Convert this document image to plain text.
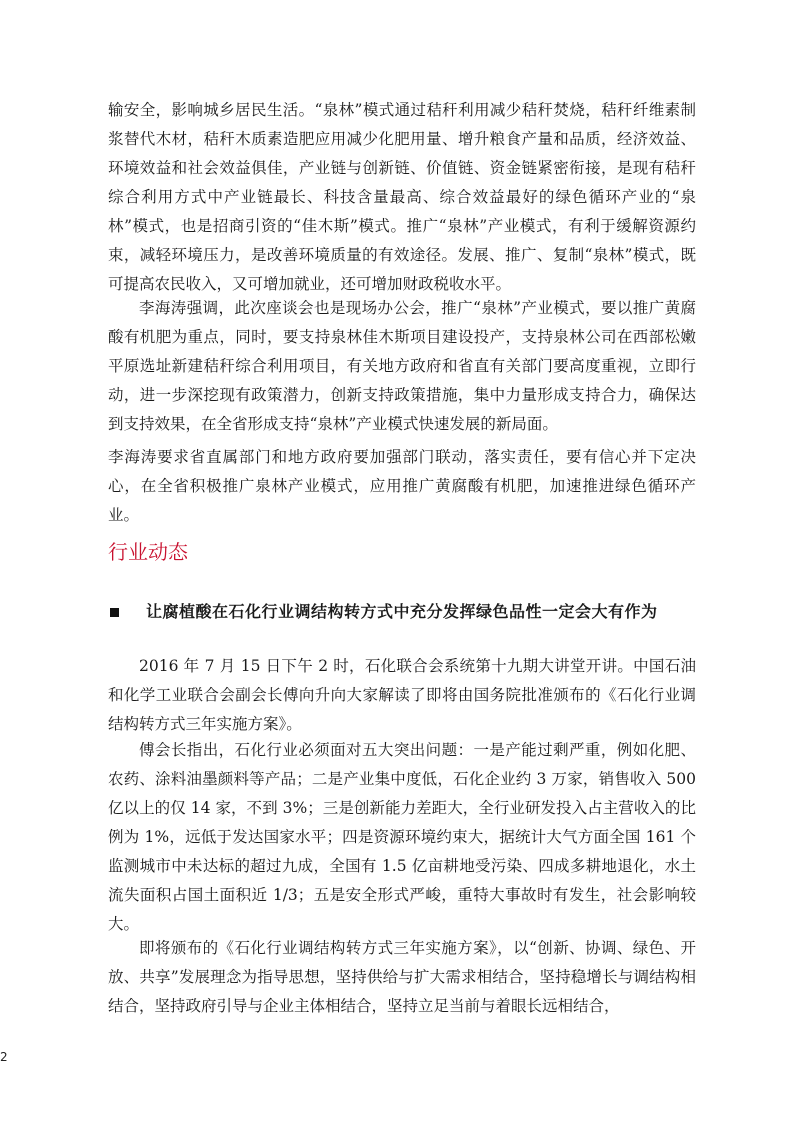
输安全，影响城乡居民生活。“泉林”模式通过秸秆利用减少秸秆焚烧，秸秆纤维素制浆替代木材，秸秆木质素造肥应用减少化肥用量、增升粮食产量和品质，经济效益、环境效益和社会效益俱佳，产业链与创新链、价值链、资金链紧密衔接，是现有秸秆综合利用方式中产业链最长、科技含量最高、综合效益最好的绿色循环产业的“泉林”模式，也是招商引资的“佳木斯”模式。推广“泉林”产业模式，有利于缓解资源约束，减轻环境压力，是改善环境质量的有效途径。发展、推广、复制“泉林”模式，既可提高农民收入，又可增加就业，还可增加财政税收水平。

李海涛强调，此次座谈会也是现场办公会，推广“泉林”产业模式，要以推广黄腐酸有机肥为重点，同时，要支持泉林佳木斯项目建设投产，支持泉林公司在西部松嫩平原选址新建秸秆综合利用项目，有关地方政府和省直有关部门要高度重视，立即行动，进一步深挖现有政策潜力，创新支持政策措施，集中力量形成支持合力，确保达到支持效果，在全省形成支持“泉林”产业模式快速发展的新局面。

李海涛要求省直属部门和地方政府要加强部门联动，落实责任，要有信心并下定决心，在全省积极推广泉林产业模式，应用推广黄腐酸有机肥，加速推进绿色循环产业。

行业动态
让腐植酸在石化行业调结构转方式中充分发挥绿色品性一定会大有作为

2016 年 7 月 15 日下午 2 时，石化联合会系统第十九期大讲堂开讲。中国石油和化学工业联合会副会长傅向升向大家解读了即将由国务院批准颁布的《石化行业调结构转方式三年实施方案》。

傅会长指出，石化行业必须面对五大突出问题：一是产能过剩严重，例如化肥、农药、涂料油墨颜料等产品；二是产业集中度低，石化企业约 3 万家，销售收入 500 亿以上的仅 14 家，不到 3%；三是创新能力差距大，全行业研发投入占主营收入的比例为 1%，远低于发达国家水平；四是资源环境约束大，据统计大气方面全国 161 个监测城市中未达标的超过九成，全国有 1.5 亿亩耕地受污染、四成多耕地退化，水土流失面积占国土面积近 1/3；五是安全形式严峻，重特大事故时有发生，社会影响较大。

即将颁布的《石化行业调结构转方式三年实施方案》，以“创新、协调、绿色、开放、共享”发展理念为指导思想，坚持供给与扩大需求相结合，坚持稳增长与调结构相结合，坚持政府引导与企业主体相结合，坚持立足当前与着眼长远相结合，

2
